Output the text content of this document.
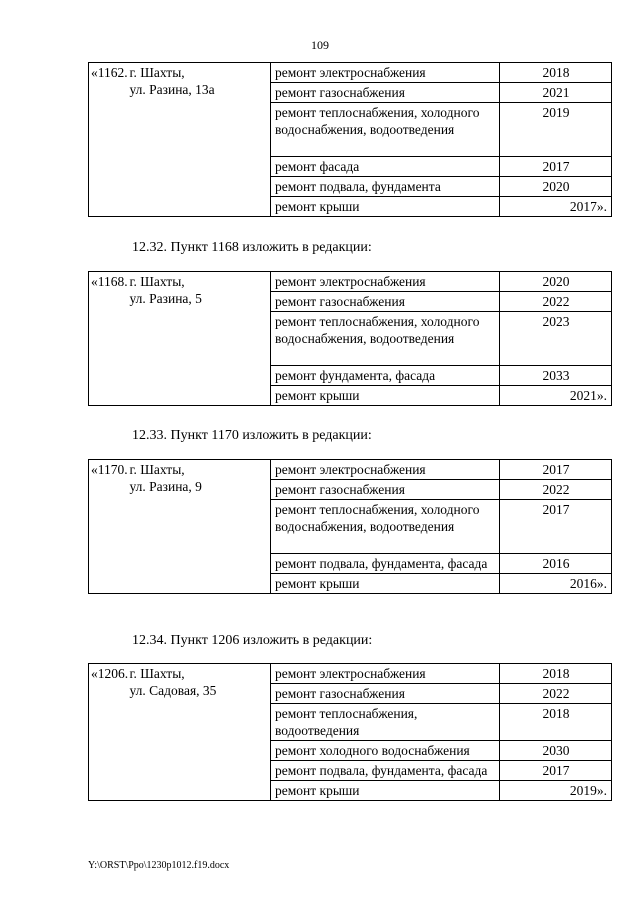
109
«1162.	г. Шахты,
ул. Разина, 13а	ремонт электроснабжения	2018
		ремонт газоснабжения	2021
		ремонт теплоснабжения, холодного водоснабжения, водоотведения	2019
		ремонт фасада	2017
		ремонт подвала, фундамента	2020
		ремонт крыши	2017».
12.32. Пункт 1168 изложить в редакции:
«1168.	г. Шахты,
ул. Разина, 5	ремонт электроснабжения	2020
		ремонт газоснабжения	2022
		ремонт теплоснабжения, холодного водоснабжения, водоотведения	2023
		ремонт фундамента, фасада	2033
		ремонт крыши	2021».
12.33. Пункт 1170 изложить в редакции:
«1170.	г. Шахты,
ул. Разина, 9	ремонт электроснабжения	2017
		ремонт газоснабжения	2022
		ремонт теплоснабжения, холодного водоснабжения, водоотведения	2017
		ремонт подвала, фундамента, фасада	2016
		ремонт крыши	2016».
12.34. Пункт 1206 изложить в редакции:
«1206.	г. Шахты,
ул. Садовая, 35	ремонт электроснабжения	2018
		ремонт газоснабжения	2022
		ремонт теплоснабжения, водоотведения	2018
		ремонт холодного водоснабжения	2030
		ремонт подвала, фундамента, фасада	2017
		ремонт крыши	2019».
Y:\ORST\Ppo\1230p1012.f19.docx
